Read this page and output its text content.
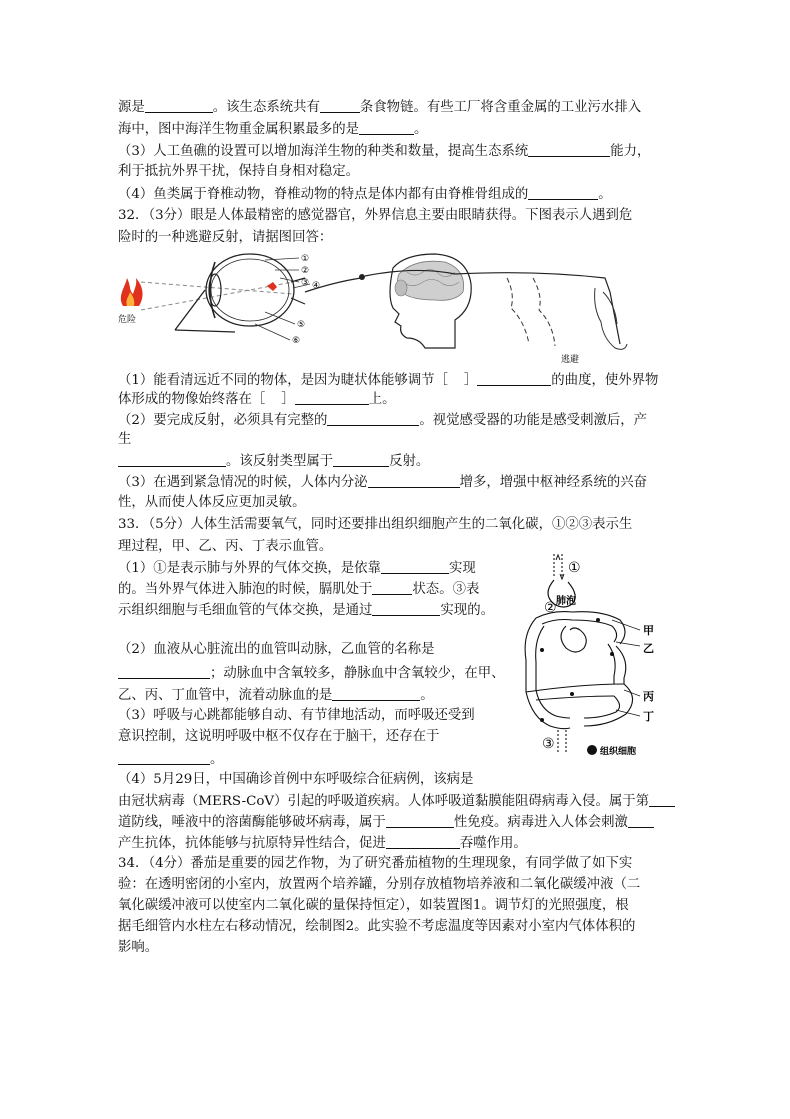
源是	。该生态系统共有	条食物链。有些工厂将含重金属的工业污水排入
海中，图中海洋生物重金属积累最多的是	。
（3）人工鱼礁的设置可以增加海洋生物的种类和数量，提高生态系统	能力，
利于抵抗外界干扰，保持自身相对稳定。
（4）鱼类属于脊椎动物，脊椎动物的特点是体内都有由脊椎骨组成的	。
32．（3分）眼是人体最精密的感觉器官，外界信息主要由眼睛获得。下图表示人遇到危
险时的一种逃避反射，请据图回答：
危险
①
②
③ ④
⑤
⑥
逃避
（1）能看清远近不同的物体，是因为睫状体能够调节［ ］	的曲度，使外界物
体形成的物像始终落在［ ］	上。
（2）要完成反射，必须具有完整的	。视觉感受器的功能是感受刺激后，产
生
。该反射类型属于	反射。
（3）在遇到紧急情况的时候，人体内分泌	增多，增强中枢神经系统的兴奋
性，从而使人体反应更加灵敏。
33．（5分）人体生活需要氧气，同时还要排出组织细胞产生的二氧化碳，①②③表示生
理过程，甲、乙、丙、丁表示血管。
（1）①是表示肺与外界的气体交换，是依靠	实现
的。当外界气体进入肺泡的时候，膈肌处于	状态。③表
示组织细胞与毛细血管的气体交换，是通过	实现的。
（2）血液从心脏流出的血管叫动脉，乙血管的名称是
；动脉血中含氧较多，静脉血中含氧较少，在甲、
乙、丙、丁血管中，流着动脉血的是	。
（3）呼吸与心跳都能够自动、有节律地活动，而呼吸还受到
意识控制，这说明呼吸中枢不仅存在于脑干，还存在于
。
（4）5月29日，中国确诊首例中东呼吸综合征病例，该病是
由冠状病毒（MERS-CoV）引起的呼吸道疾病。人体呼吸道黏膜能阻碍病毒入侵。属于第
道防线，唾液中的溶菌酶能够破坏病毒，属于	性免疫。病毒进入人体会刺激
产生抗体，抗体能够与抗原特异性结合，促进	吞噬作用。
①
肺泡
②
甲
乙
丙
丁
③	组织细胞
34．（4分）番茄是重要的园艺作物，为了研究番茄植物的生理现象，有同学做了如下实
验：在透明密闭的小室内，放置两个培养罐，分别存放植物培养液和二氧化碳缓冲液（二
氧化碳缓冲液可以使室内二氧化碳的量保持恒定），如装置图1。调节灯的光照强度，根
据毛细管内水柱左右移动情况，绘制图2。此实验不考虑温度等因素对小室内气体体积的
影响。
